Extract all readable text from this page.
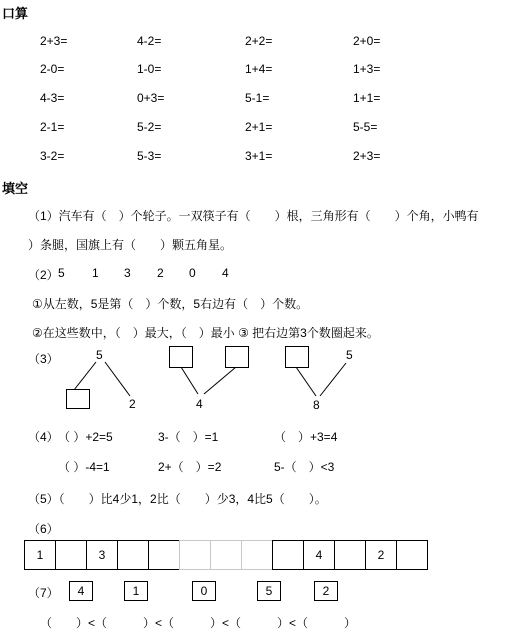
口算
2+3=	4-2=	2+2=	2+0=
2-0=	1-0=	1+4=	1+3=
4-3=	0+3=	5-1=	1+1=
2-1=	5-2=	2+1=	5-5=
3-2=	5-3=	3+1=	2+3=
填空
（1）汽车有（　）个轮子。一双筷子有（　　）根，三角形有（　　）个角，小鸭有
）条腿，国旗上有（　　）颗五角星。
（2） 5 1 3 2 0 4
①从左数，5是第（　）个数，5右边有（　）个数。
②在这些数中，（　）最大，（　）最小 ③ 把右边第3个数圈起来。
（3）	5
2	4
5
8
（4） （ ）+2=5	3-（　）=1	（　）+3=4
（ ）-4=1	2+（　）=2	5-（　）<3
（5）（　　）比4少1，2比（　　）少3，4比5（　　）。
（6）
1	3	4	2
（7）	4	1	0	5	2
（　　）<（　　　）<（　　　）<（　　　）<（　　　）
